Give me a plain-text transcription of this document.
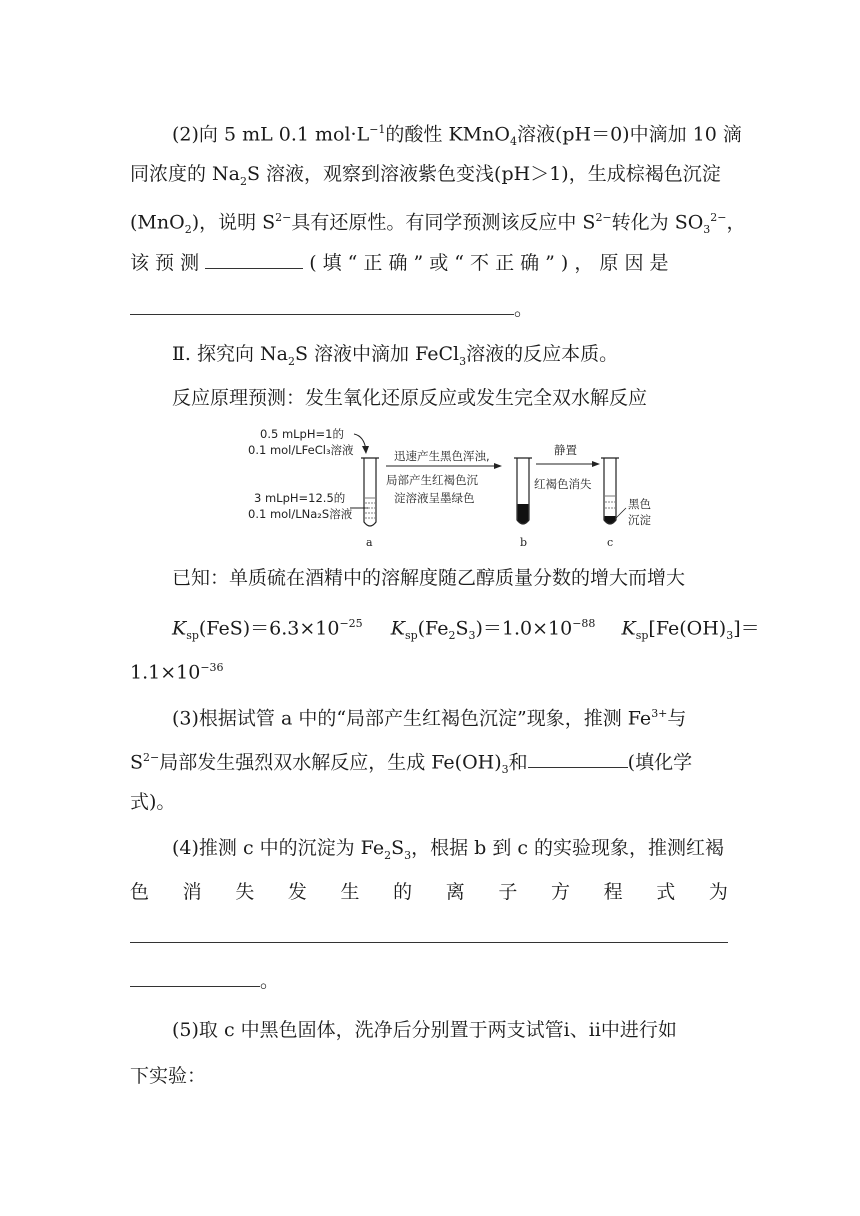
(2)向 5 mL 0.1 $mol\cdot L^{-1}$的酸性 KMnO$_4$溶液(pH＝0)中滴加 10 滴
同浓度的 $Na_2S$ 溶液，观察到溶液紫色变浅(pH＞1)，生成棕褐色沉淀
(MnO$_2$)，说明 $S^{2-}$具有还原性。有同学预测该反应中 $S^{2-}$转化为 $SO_3^{2-}$，
该 预 测	( 填 “ 正 确 ” 或 “ 不 正 确 ” ) ， 原 因 是
。
Ⅱ. 探究向 $Na_2S$ 溶液中滴加 FeCl$_3$溶液的反应本质。
反应原理预测：发生氧化还原反应或发生完全双水解反应
0.5 mLpH=1的
0.1 mol/LFeCl₃溶液
3 mLpH=12.5的
0.1 mol/LNa₂S溶液
a
迅速产生黑色浑浊,
局部产生红褐色沉
淀溶液呈墨绿色
b
静置
红褐色消失
黑色
沉淀
c
已知：单质硫在酒精中的溶解度随乙醇质量分数的增大而增大
$K_{sp}(FeS)=6.3\times 10^{-25}$ $K_{sp}(Fe_2S_3)=1.0\times 10^{-88}$ $K_{sp}[Fe(OH)_3]=$
$1.1\times 10^{-36}$
(3)根据试管 a 中的“局部产生红褐色沉淀”现象，推测 $Fe^{3+}$与
$S^{2-}$局部发生强烈双水解反应，生成 $Fe(OH)_3$和	(填化学
式)。
(4)推测 c 中的沉淀为 $Fe_2S_3$，根据 b 到 c 的实验现象，推测红褐
色 消 失 发 生 的 离 子 方 程 式 为
。
(5)取 c 中黑色固体，洗净后分别置于两支试管ⅰ、ⅱ中进行如
下实验：
